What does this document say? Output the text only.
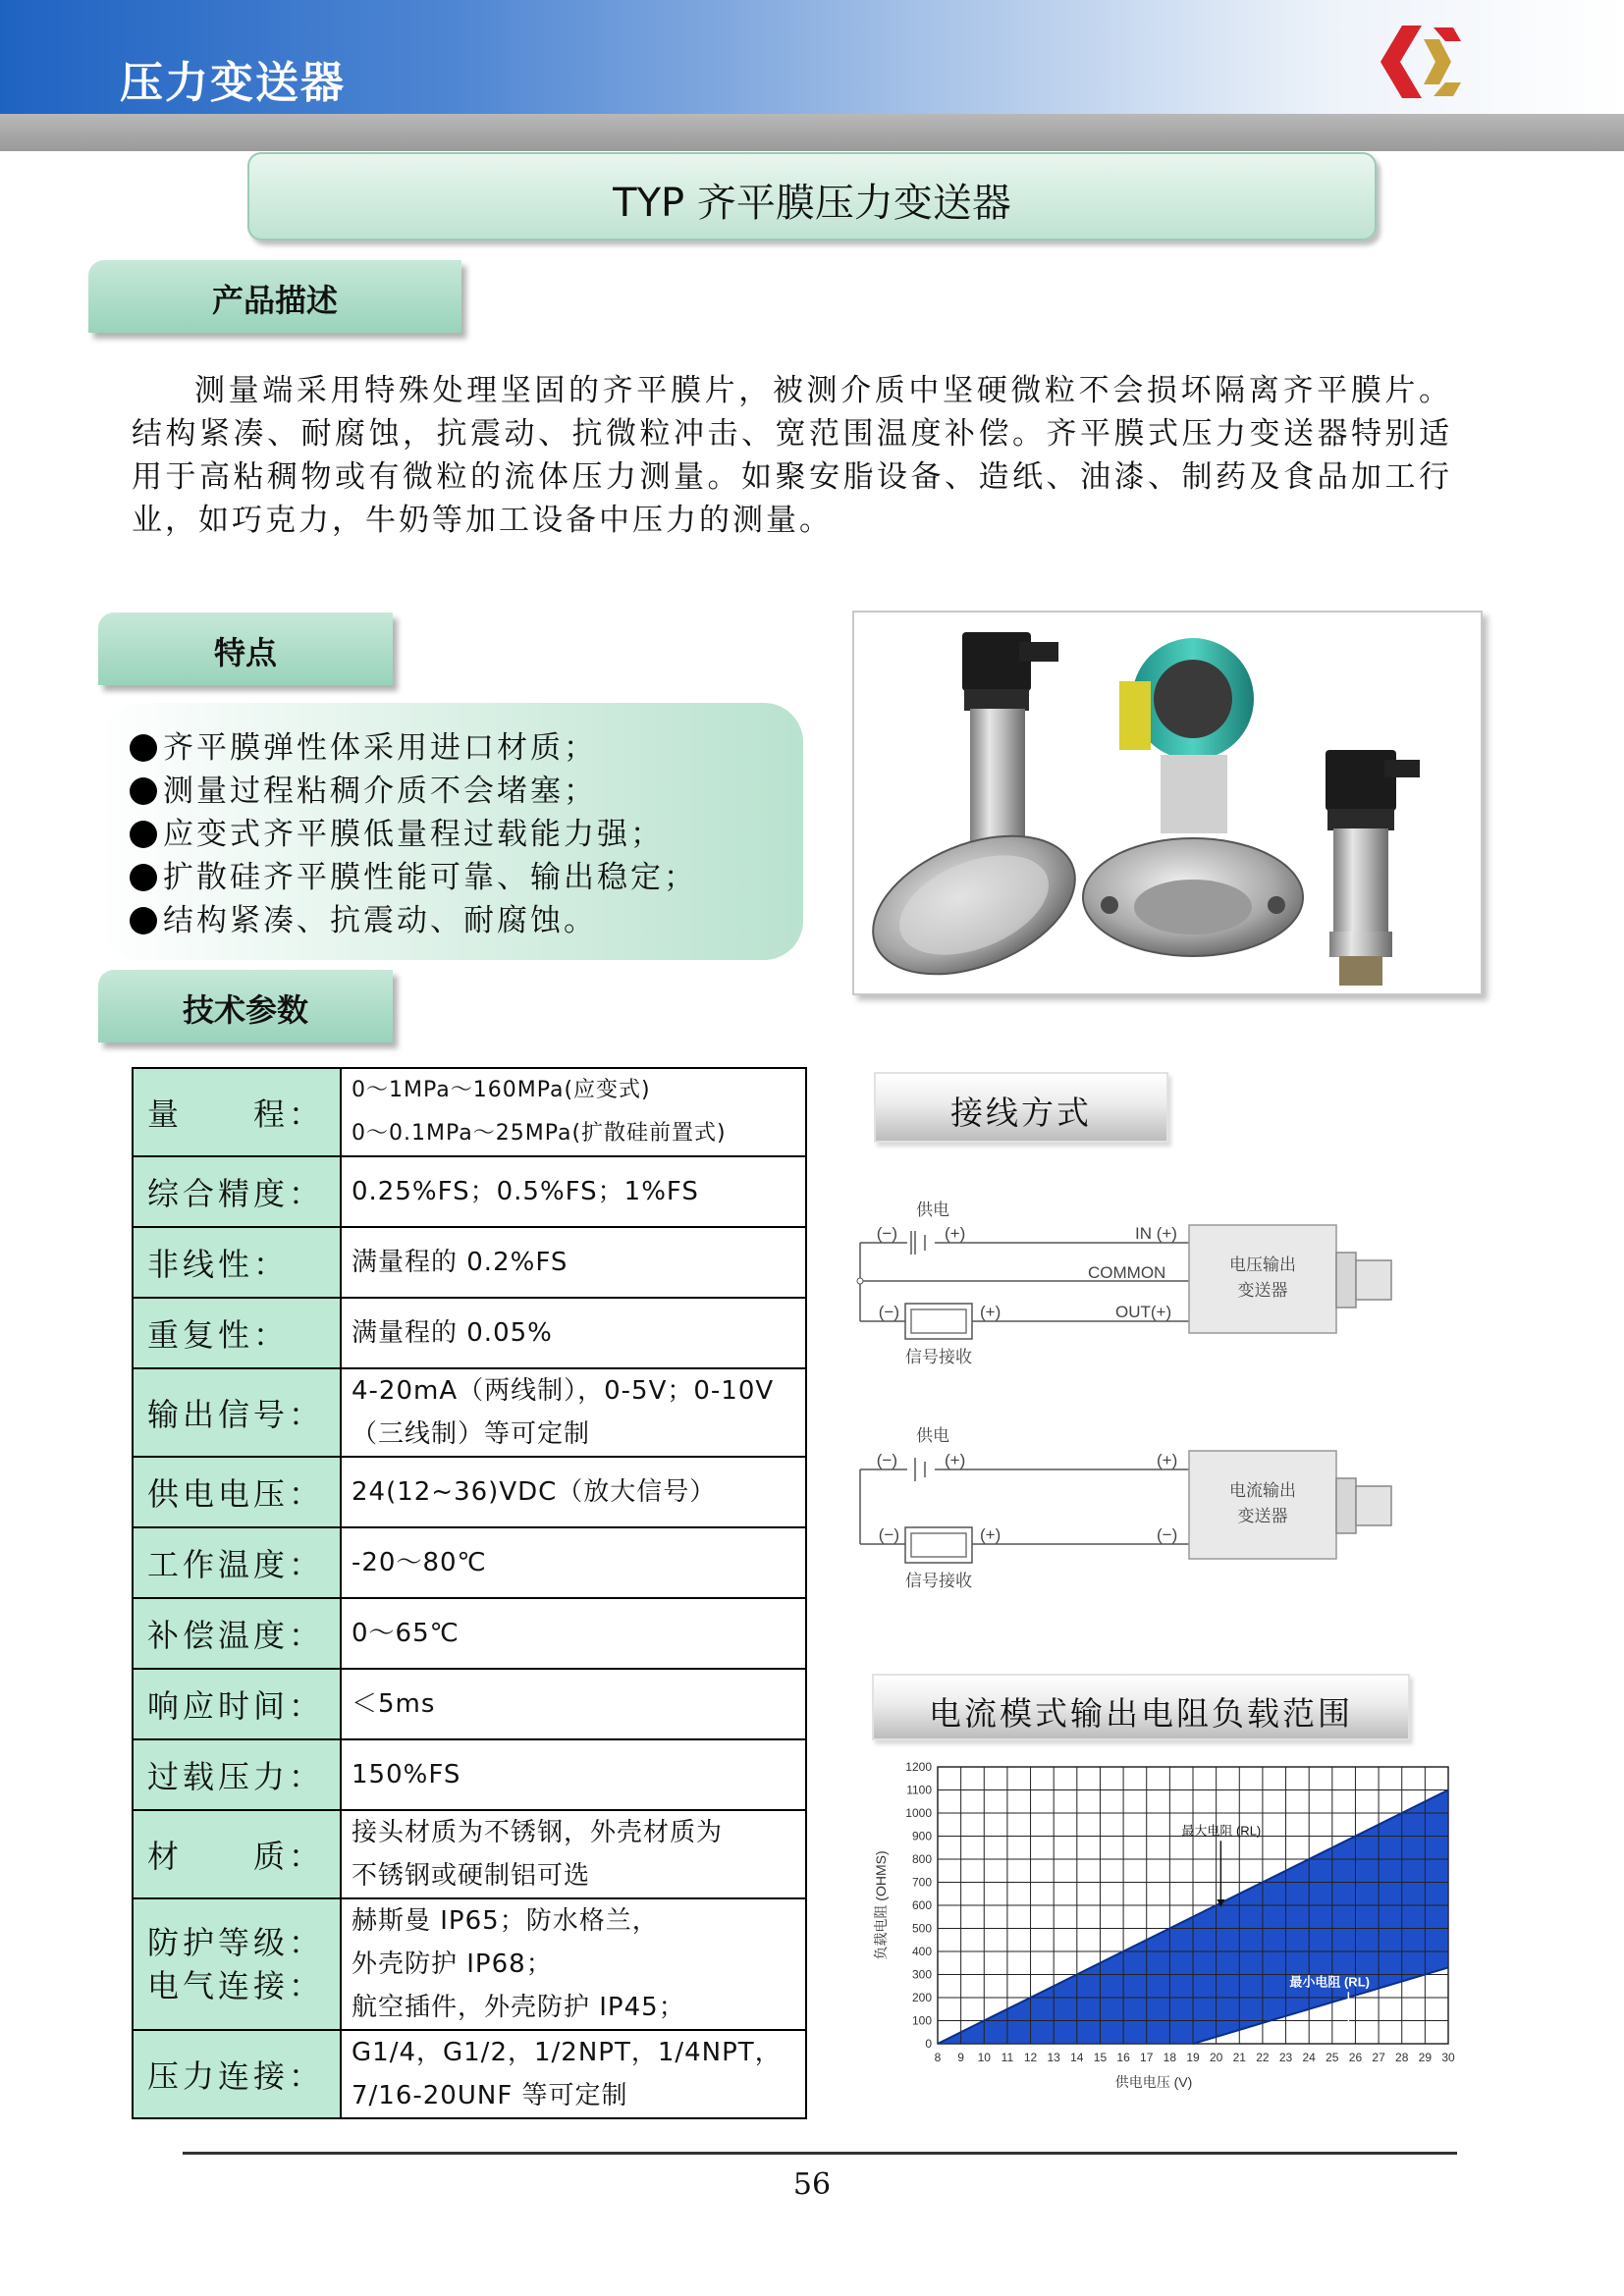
压力变送器
TYP 齐平膜压力变送器
产品描述

测量端采用特殊处理坚固的齐平膜片，被测介质中坚硬微粒不会损坏隔离齐平膜片。结构紧凑、耐腐蚀，抗震动、抗微粒冲击、宽范围温度补偿。齐平膜式压力变送器特别适用于高粘稠物或有微粒的流体压力测量。如聚安脂设备、造纸、油漆、制药及食品加工行业，如巧克力，牛奶等加工设备中压力的测量。

特点
齐平膜弹性体采用进口材质；
测量过程粘稠介质不会堵塞；
应变式齐平膜低量程过载能力强；
扩散硅齐平膜性能可靠、输出稳定；
结构紧凑、抗震动、耐腐蚀。
技术参数
量　　程：	0～1MPa～160MPa(应变式)
0～0.1MPa～25MPa(扩散硅前置式)

综合精度：	0.25%FS；0.5%FS；1%FS

非线性：	满量程的 0.2%FS

重复性：	满量程的 0.05%

输出信号：	4-20mA（两线制），0-5V；0-10V
（三线制）等可定制

供电电压：	24(12~36)VDC（放大信号）

工作温度：	-20～80℃

补偿温度：	0～65℃

响应时间：	＜5ms

过载压力：	150%FS

材　　质：	接头材质为不锈钢，外壳材质为
不锈钢或硬制铝可选

防护等级：
电气连接：	赫斯曼 IP65；防水格兰，
外壳防护 IP68；
航空插件，外壳防护 IP45；

压力连接：	G1/4，G1/2，1/2NPT，1/4NPT，
7/16-20UNF 等可定制
接线方式
供电
(−)	(+)	IN (+)
COMMON
OUT(+)
(−)	(+)
信号接收
电压输出
变送器
供电
(−)	(+)	(+)
(−)	(+)	(−)
信号接收
电流输出
变送器
电流模式输出电阻负载范围
8 9 10 11 12 13 14 15 16 17 18 19 20 21 22 23 24 25 26 27 28 29 30
0
100
200
300
400
500
600
700
800
900
1000
1100
1200
最大电阻 (RL)
最小电阻 (RL)
供电电压 (V)
负载电阻 (OHMS)
56
